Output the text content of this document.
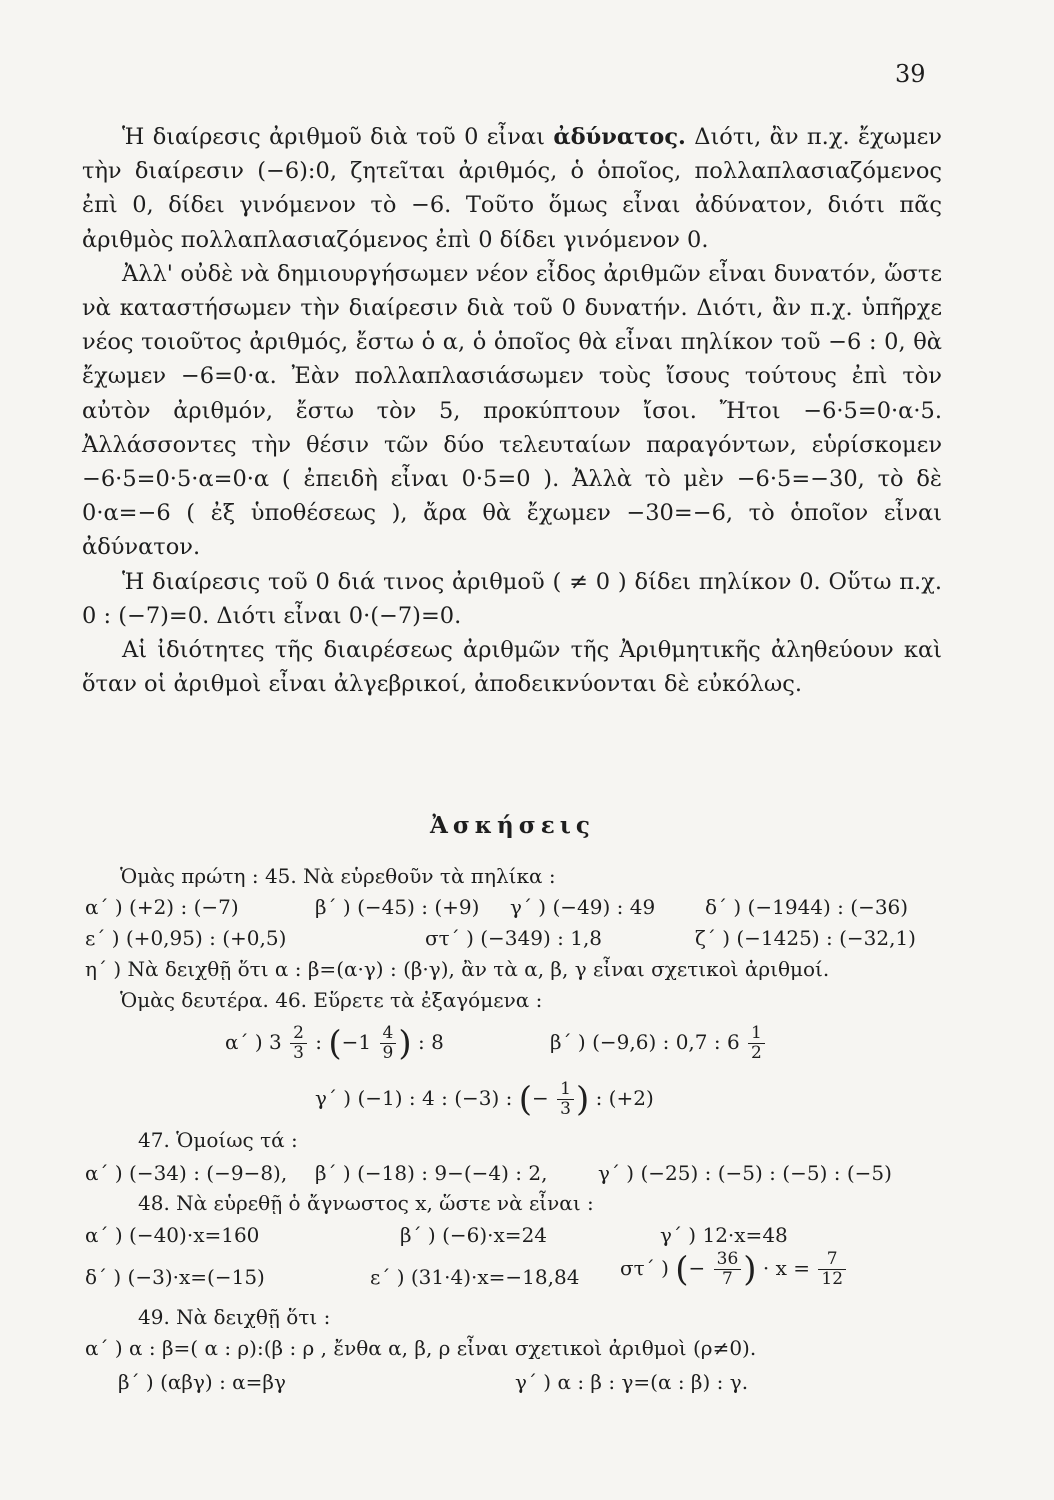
39

Ἡ διαίρεσις ἀριθμοῦ διὰ τοῦ 0 εἶναι ἀδύνατος. Διότι, ἂν π.χ. ἔχωμεν τὴν διαίρεσιν (−6):0, ζητεῖται ἀριθμός, ὁ ὁποῖος, πολλαπλασιαζόμενος ἐπὶ 0, δίδει γινόμενον τὸ −6. Τοῦτο ὅμως εἶναι ἀδύνατον, διότι πᾶς ἀριθμὸς πολλαπλασιαζόμενος ἐπὶ 0 δίδει γινόμενον 0.

Ἀλλ' οὐδὲ νὰ δημιουργήσωμεν νέον εἶδος ἀριθμῶν εἶναι δυνατόν, ὥστε νὰ καταστήσωμεν τὴν διαίρεσιν διὰ τοῦ 0 δυνατήν. Διότι, ἂν π.χ. ὑπῆρχε νέος τοιοῦτος ἀριθμός, ἔστω ὁ α, ὁ ὁποῖος θὰ εἶναι πηλίκον τοῦ −6 : 0, θὰ ἔχωμεν −6=0·α. Ἐὰν πολλαπλασιάσωμεν τοὺς ἴσους τούτους ἐπὶ τὸν αὐτὸν ἀριθμόν, ἔστω τὸν 5, προκύπτουν ἴσοι. Ἤτοι −6·5=0·α·5. Ἀλλάσσοντες τὴν θέσιν τῶν δύο τελευταίων παραγόντων, εὑρίσκομεν −6·5=0·5·α=0·α ( ἐπειδὴ εἶναι 0·5=0 ). Ἀλλὰ τὸ μὲν −6·5=−30, τὸ δὲ 0·α=−6 ( ἐξ ὑποθέσεως ), ἄρα θὰ ἔχωμεν −30=−6, τὸ ὁποῖον εἶναι ἀδύνατον.

Ἡ διαίρεσις τοῦ 0 διά τινος ἀριθμοῦ ( ≠ 0 ) δίδει πηλίκον 0. Οὕτω π.χ. 0 : (−7)=0. Διότι εἶναι 0·(−7)=0.

Αἱ ἰδιότητες τῆς διαιρέσεως ἀριθμῶν τῆς Ἀριθμητικῆς ἀληθεύουν καὶ ὅταν οἱ ἀριθμοὶ εἶναι ἀλγεβρικοί, ἀποδεικνύονται δὲ εὐκόλως.

Ἀσκήσεις
Ὁμὰς πρώτη : 45. Νὰ εὑρεθοῦν τὰ πηλίκα :
α΄ ) (+2) : (−7)	β΄ ) (−45) : (+9) γ΄ ) (−49) : 49 δ΄ ) (−1944) : (−36)
ε΄ ) (+0,95) : (+0,5)	στ΄ ) (−349) : 1,8	ζ΄ ) (−1425) : (−32,1)
η΄ ) Νὰ δειχθῇ ὅτι α : β=(α·γ) : (β·γ), ἂν τὰ α, β, γ εἶναι σχετικοὶ ἀριθμοί.
Ὁμὰς δευτέρα. 46. Εὕρετε τὰ ἐξαγόμενα :
α΄ ) $3 \frac{2}{3}$ : ($-1 \frac{4}{9}$ ) : 8	β΄ ) (−9,6) : 0,7 : $6 \frac{1}{2}$
γ΄ ) (−1) : 4 : (−3) : (− $\frac{1}{3}$ ) : (+2)
47. Ὁμοίως τά :
α΄ ) (−34) : (−9−8), β΄ ) (−18) : 9−(−4) : 2,	γ΄ ) (−25) : (−5) : (−5) : (−5)
48. Νὰ εὑρεθῇ ὁ ἄγνωστος x, ὥστε νὰ εἶναι :
α΄ ) (−40)·x=160	β΄ ) (−6)·x=24	γ΄ ) 12·x=48
δ΄ ) (−3)·x=(−15)	ε΄ ) (31·4)·x=−18,84 στ΄ ) (− $\frac{36}{7}$ ) · $x = \frac{7}{12}$
49. Νὰ δειχθῇ ὅτι :
α΄ ) α : β=( α : ρ):(β : ρ , ἔνθα α, β, ρ εἶναι σχετικοὶ ἀριθμοὶ (ρ≠0).
β΄ ) (αβγ) : α=βγ	γ΄ ) α : β : γ=(α : β) : γ.
